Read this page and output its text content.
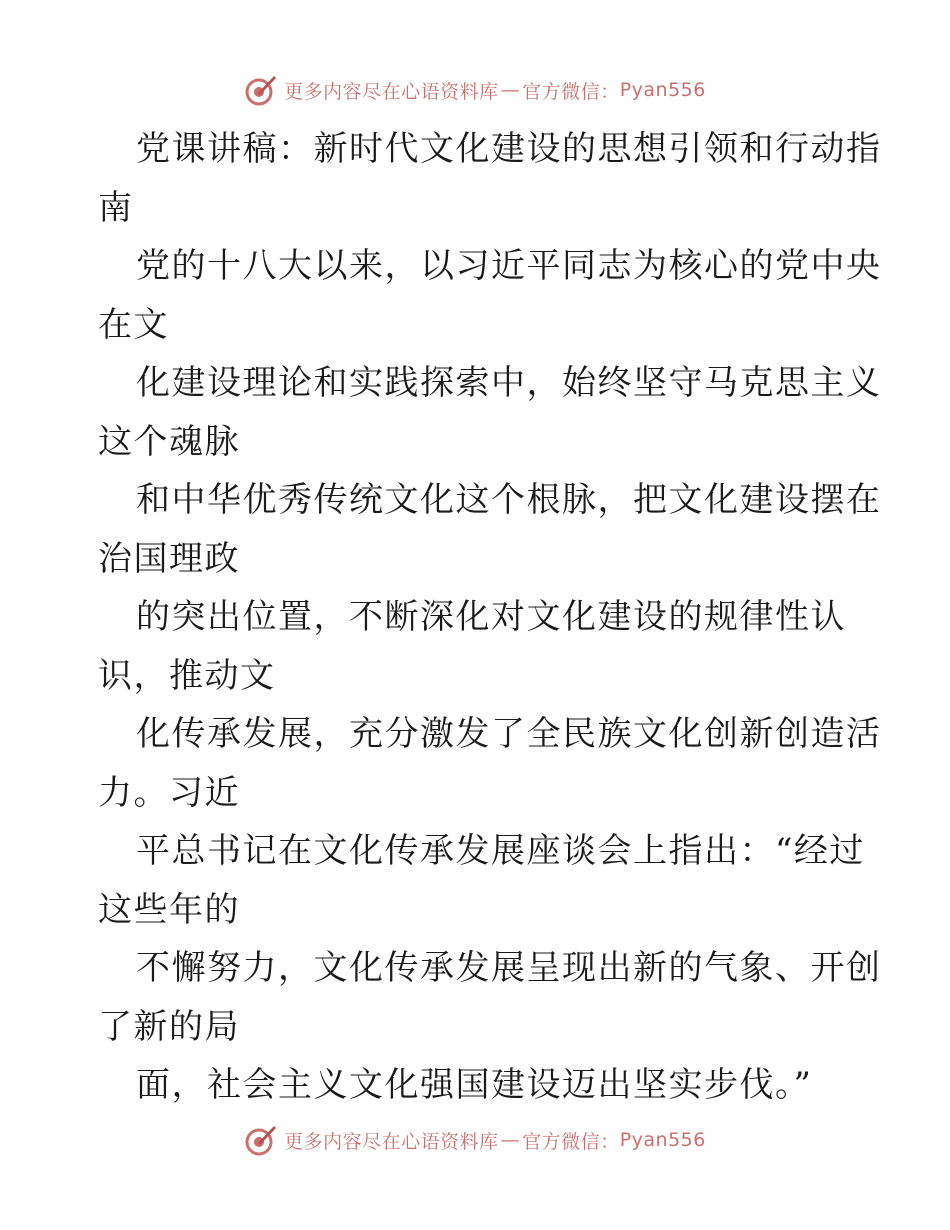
更多内容尽在心语资料库 — 官方微信： Pyan556
党课讲稿：新时代文化建设的思想引领和行动指
南
党的十八大以来，以习近平同志为核心的党中央
在文
化建设理论和实践探索中，始终坚守马克思主义
这个魂脉
和中华优秀传统文化这个根脉，把文化建设摆在
治国理政
的突出位置，不断深化对文化建设的规律性认
识，推动文
化传承发展，充分激发了全民族文化创新创造活
力。习近
平总书记在文化传承发展座谈会上指出：“经过
这些年的
不懈努力，文化传承发展呈现出新的气象、开创
了新的局
面，社会主义文化强国建设迈出坚实步伐。”
更多内容尽在心语资料库 — 官方微信： Pyan556
